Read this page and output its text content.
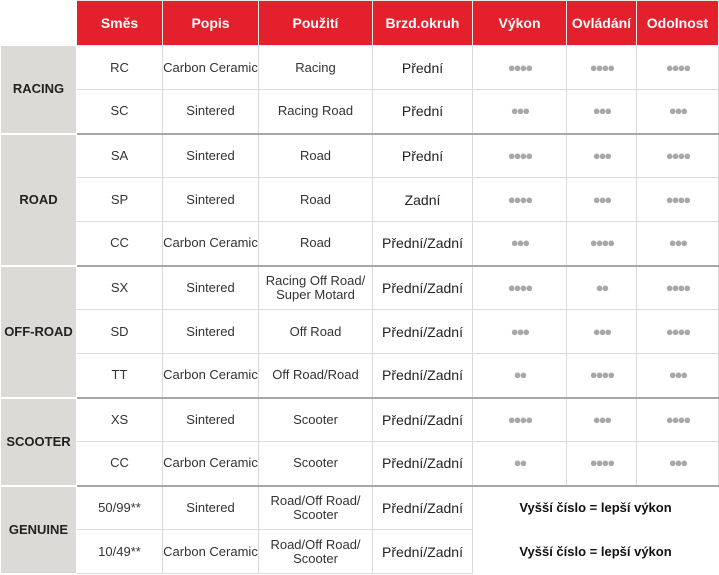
	Směs	Popis	Použití	Brzd.okruh	Výkon	Ovládání	Odolnost
RACING	RC	Carbon Ceramic	Racing	Přední	●●●●	●●●●	●●●●
	SC	Sintered	Racing Road	Přední	●●●	●●●	●●●
ROAD	SA	Sintered	Road	Přední	●●●●	●●●	●●●●
	SP	Sintered	Road	Zadní	●●●●	●●●	●●●●
	CC	Carbon Ceramic	Road	Přední/Zadní	●●●	●●●●	●●●
OFF-ROAD	SX	Sintered	Racing Off Road/ Super Motard	Přední/Zadní	●●●●	●●	●●●●
	SD	Sintered	Off Road	Přední/Zadní	●●●	●●●	●●●●
	TT	Carbon Ceramic	Off Road/Road	Přední/Zadní	●●	●●●●	●●●
SCOOTER	XS	Sintered	Scooter	Přední/Zadní	●●●●	●●●	●●●●
	CC	Carbon Ceramic	Scooter	Přední/Zadní	●●	●●●●	●●●
GENUINE	50/99**	Sintered	Road/Off Road/ Scooter	Přední/Zadní	Vyšší číslo = lepší výkon		
	10/49**	Carbon Ceramic	Road/Off Road/ Scooter	Přední/Zadní	Vyšší číslo = lepší výkon		
